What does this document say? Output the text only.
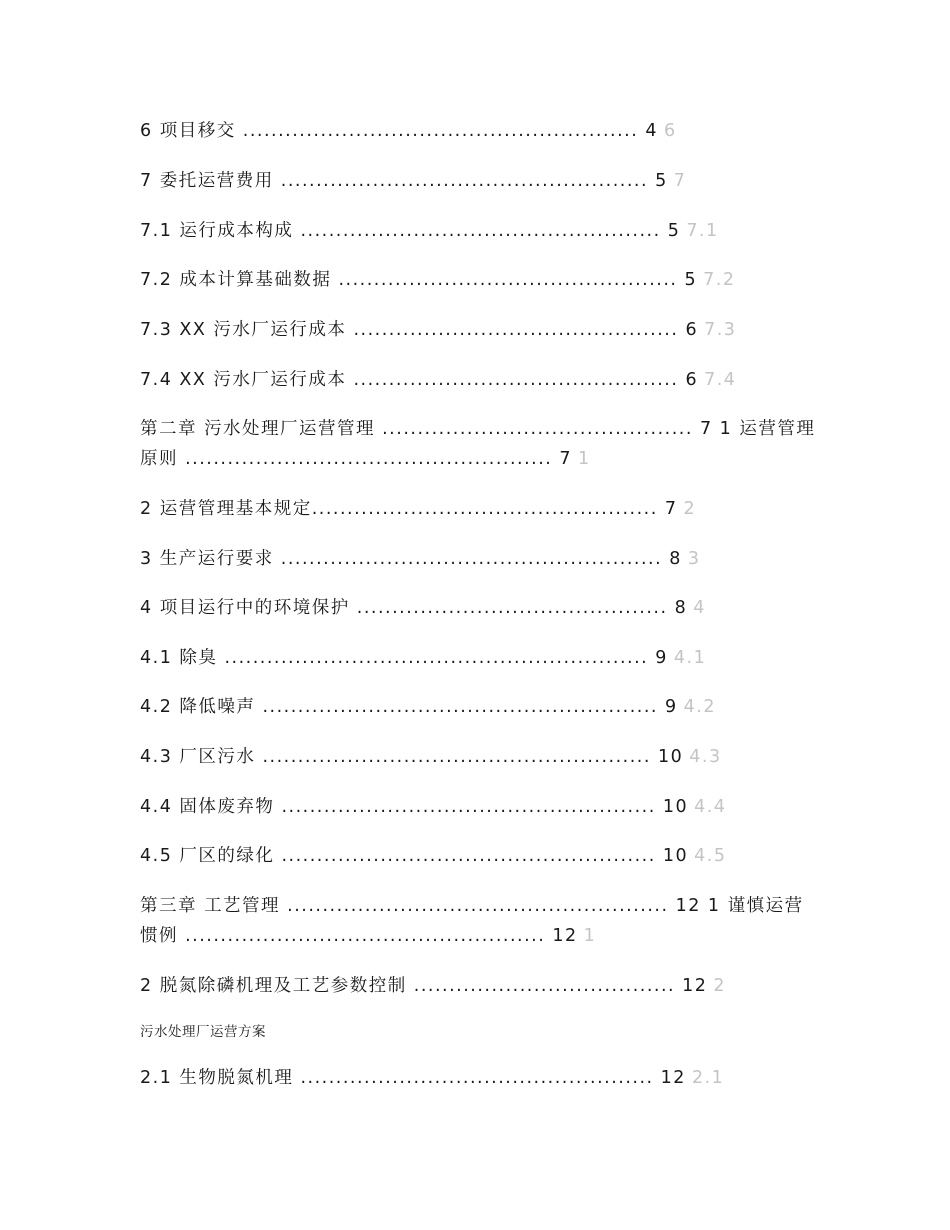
6 项目移交 ........................................................ 4 6
7 委托运营费用 .................................................... 5 7
7.1 运行成本构成 ................................................... 5 7.1
7.2 成本计算基础数据 ................................................ 5 7.2
7.3 XX 污水厂运行成本 .............................................. 6 7.3
7.4 XX 污水厂运行成本 .............................................. 6 7.4
第二章 污水处理厂运营管理 ............................................ 7 1 运营管理原则 .................................................... 7 1
2 运营管理基本规定................................................. 7 2
3 生产运行要求 ...................................................... 8 3
4 项目运行中的环境保护 ............................................ 8 4
4.1 除臭 ............................................................ 9 4.1
4.2 降低噪声 ........................................................ 9 4.2
4.3 厂区污水 ....................................................... 10 4.3
4.4 固体废弃物 ..................................................... 10 4.4
4.5 厂区的绿化 ..................................................... 10 4.5
第三章 工艺管理 ...................................................... 12 1 谨慎运营惯例 ................................................... 12 1
2 脱氮除磷机理及工艺参数控制 ..................................... 12 2
污水处理厂运营方案
2.1 生物脱氮机理 .................................................. 12 2.1
